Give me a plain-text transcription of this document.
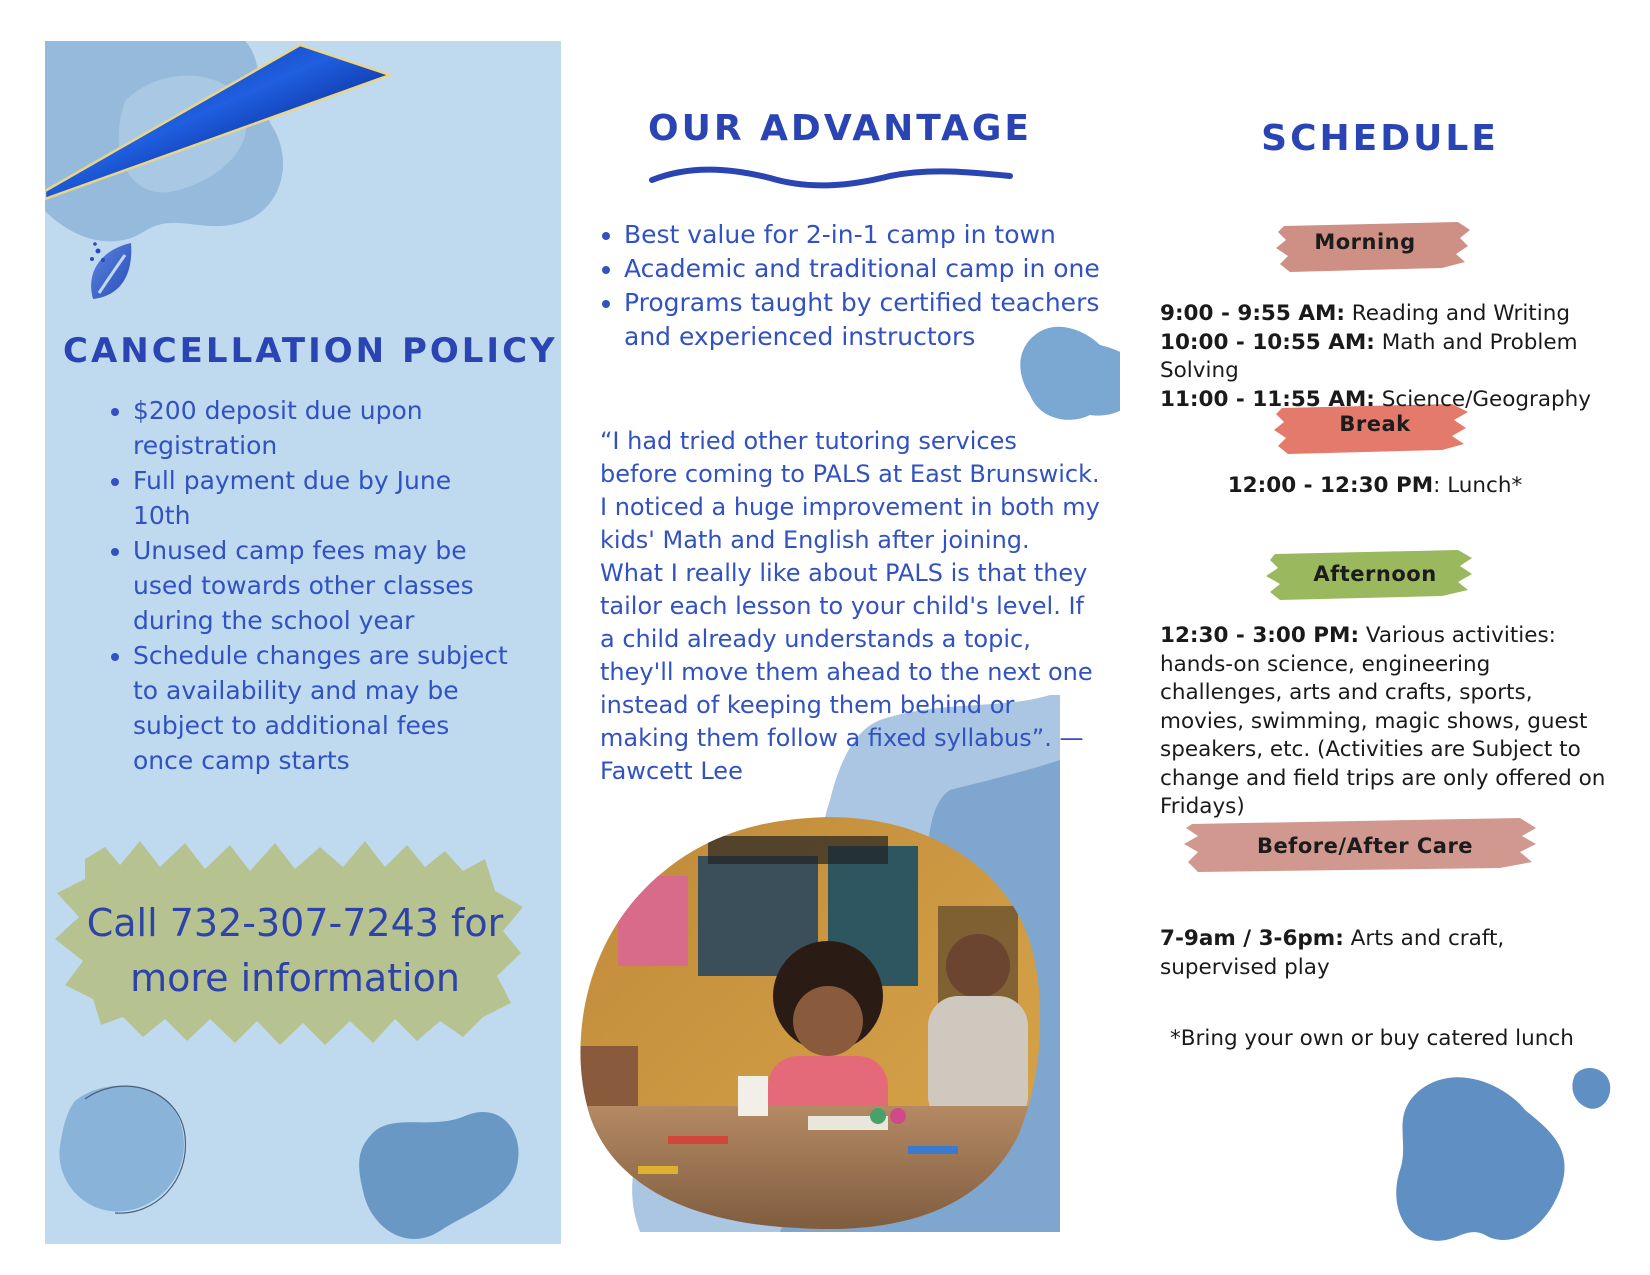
CANCELLATION POLICY
• $200 deposit due upon registration
• Full payment due by June 10th
• Unused camp fees may be used towards other classes during the school year
• Schedule changes are subject to availability and may be subject to additional fees once camp starts
Call 732-307-7243 for more information
OUR ADVANTAGE
• Best value for 2-in-1 camp in town
• Academic and traditional camp in one
• Programs taught by certified teachers and experienced instructors

“I had tried other tutoring services before coming to PALS at East Brunswick. I noticed a huge improvement in both my kids' Math and English after joining. What I really like about PALS is that they tailor each lesson to your child's level. If a child already understands a topic, they'll move them ahead to the next one instead of keeping them behind or making them follow a fixed syllabus”. — Fawcett Lee

SCHEDULE
Morning
9:00 - 9:55 AM: Reading and Writing
10:00 - 10:55 AM: Math and Problem Solving
11:00 - 11:55 AM: Science/Geography
Break
12:00 - 12:30 PM: Lunch*
Afternoon
12:30 - 3:00 PM: Various activities: hands-on science, engineering challenges, arts and crafts, sports, movies, swimming, magic shows, guest speakers, etc. (Activities are Subject to change and field trips are only offered on Fridays)
Before/After Care
7-9am / 3-6pm: Arts and craft, supervised play
*Bring your own or buy catered lunch
